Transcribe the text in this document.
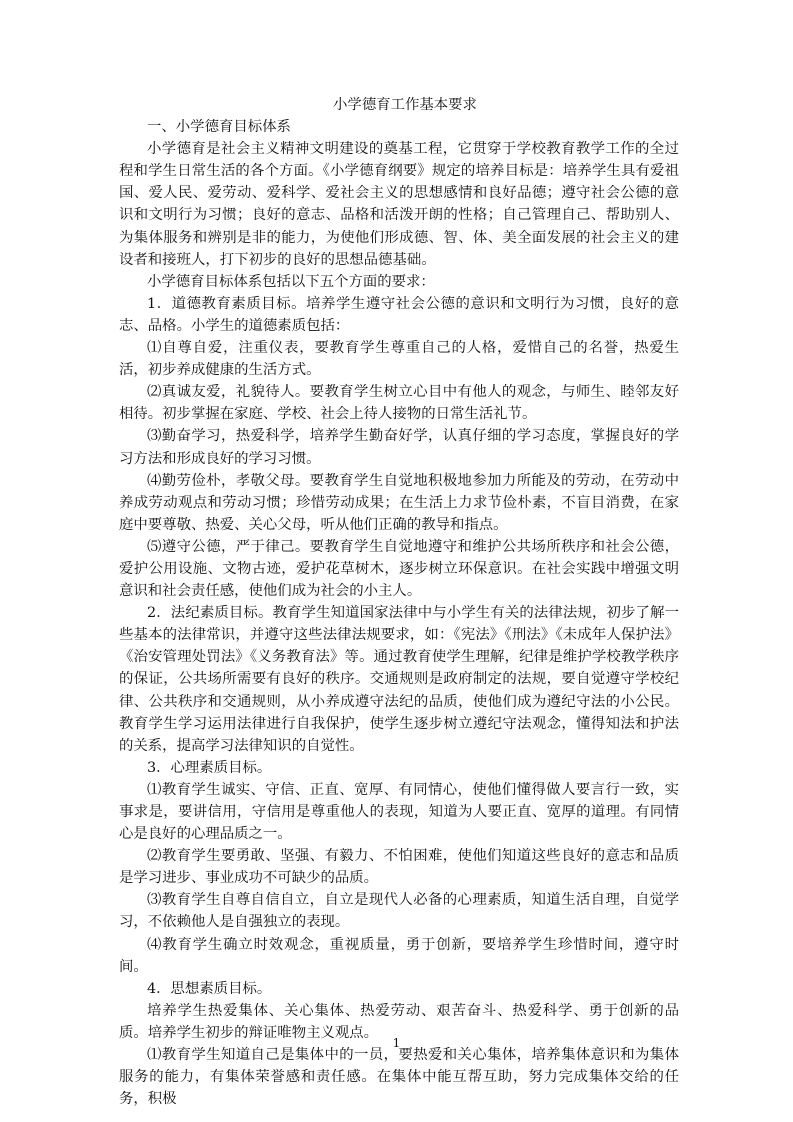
小学德育工作基本要求

一、小学德育目标体系

小学德育是社会主义精神文明建设的奠基工程，它贯穿于学校教育教学工作的全过程和学生日常生活的各个方面。《小学德育纲要》规定的培养目标是：培养学生具有爱祖国、爱人民、爱劳动、爱科学、爱社会主义的思想感情和良好品德；遵守社会公德的意识和文明行为习惯；良好的意志、品格和活泼开朗的性格；自己管理自己、帮助别人、为集体服务和辨别是非的能力，为使他们形成德、智、体、美全面发展的社会主义的建设者和接班人，打下初步的良好的思想品德基础。

小学德育目标体系包括以下五个方面的要求：

1．道德教育素质目标。培养学生遵守社会公德的意识和文明行为习惯，良好的意志、品格。小学生的道德素质包括：

⑴自尊自爱，注重仪表，要教育学生尊重自己的人格，爱惜自己的名誉，热爱生活，初步养成健康的生活方式。

⑵真诚友爱，礼貌待人。要教育学生树立心目中有他人的观念，与师生、睦邻友好相待。初步掌握在家庭、学校、社会上待人接物的日常生活礼节。

⑶勤奋学习，热爱科学，培养学生勤奋好学，认真仔细的学习态度，掌握良好的学习方法和形成良好的学习习惯。

⑷勤劳俭朴，孝敬父母。要教育学生自觉地积极地参加力所能及的劳动，在劳动中养成劳动观点和劳动习惯；珍惜劳动成果；在生活上力求节俭朴素，不盲目消费，在家庭中要尊敬、热爱、关心父母，听从他们正确的教导和指点。

⑸遵守公德，严于律己。要教育学生自觉地遵守和维护公共场所秩序和社会公德，爱护公用设施、文物古迹，爱护花草树木，逐步树立环保意识。在社会实践中增强文明意识和社会责任感，使他们成为社会的小主人。

2．法纪素质目标。教育学生知道国家法律中与小学生有关的法律法规，初步了解一些基本的法律常识，并遵守这些法律法规要求，如：《宪法》《刑法》《未成年人保护法》《治安管理处罚法》《义务教育法》等。通过教育使学生理解，纪律是维护学校教学秩序的保证，公共场所需要有良好的秩序。交通规则是政府制定的法规，要自觉遵守学校纪律、公共秩序和交通规则，从小养成遵守法纪的品质，使他们成为遵纪守法的小公民。教育学生学习运用法律进行自我保护，使学生逐步树立遵纪守法观念，懂得知法和护法的关系，提高学习法律知识的自觉性。

3．心理素质目标。

⑴教育学生诚实、守信、正直、宽厚、有同情心，使他们懂得做人要言行一致，实事求是，要讲信用，守信用是尊重他人的表现，知道为人要正直、宽厚的道理。有同情心是良好的心理品质之一。

⑵教育学生要勇敢、坚强、有毅力、不怕困难，使他们知道这些良好的意志和品质是学习进步、事业成功不可缺少的品质。

⑶教育学生自尊自信自立，自立是现代人必备的心理素质，知道生活自理，自觉学习，不依赖他人是自强独立的表现。

⑷教育学生确立时效观念，重视质量，勇于创新，要培养学生珍惜时间，遵守时间。

4．思想素质目标。

培养学生热爱集体、关心集体、热爱劳动、艰苦奋斗、热爱科学、勇于创新的品质。培养学生初步的辩证唯物主义观点。

⑴教育学生知道自己是集体中的一员，要热爱和关心集体，培养集体意识和为集体服务的能力，有集体荣誉感和责任感。在集体中能互帮互助，努力完成集体交给的任务，积极

1
